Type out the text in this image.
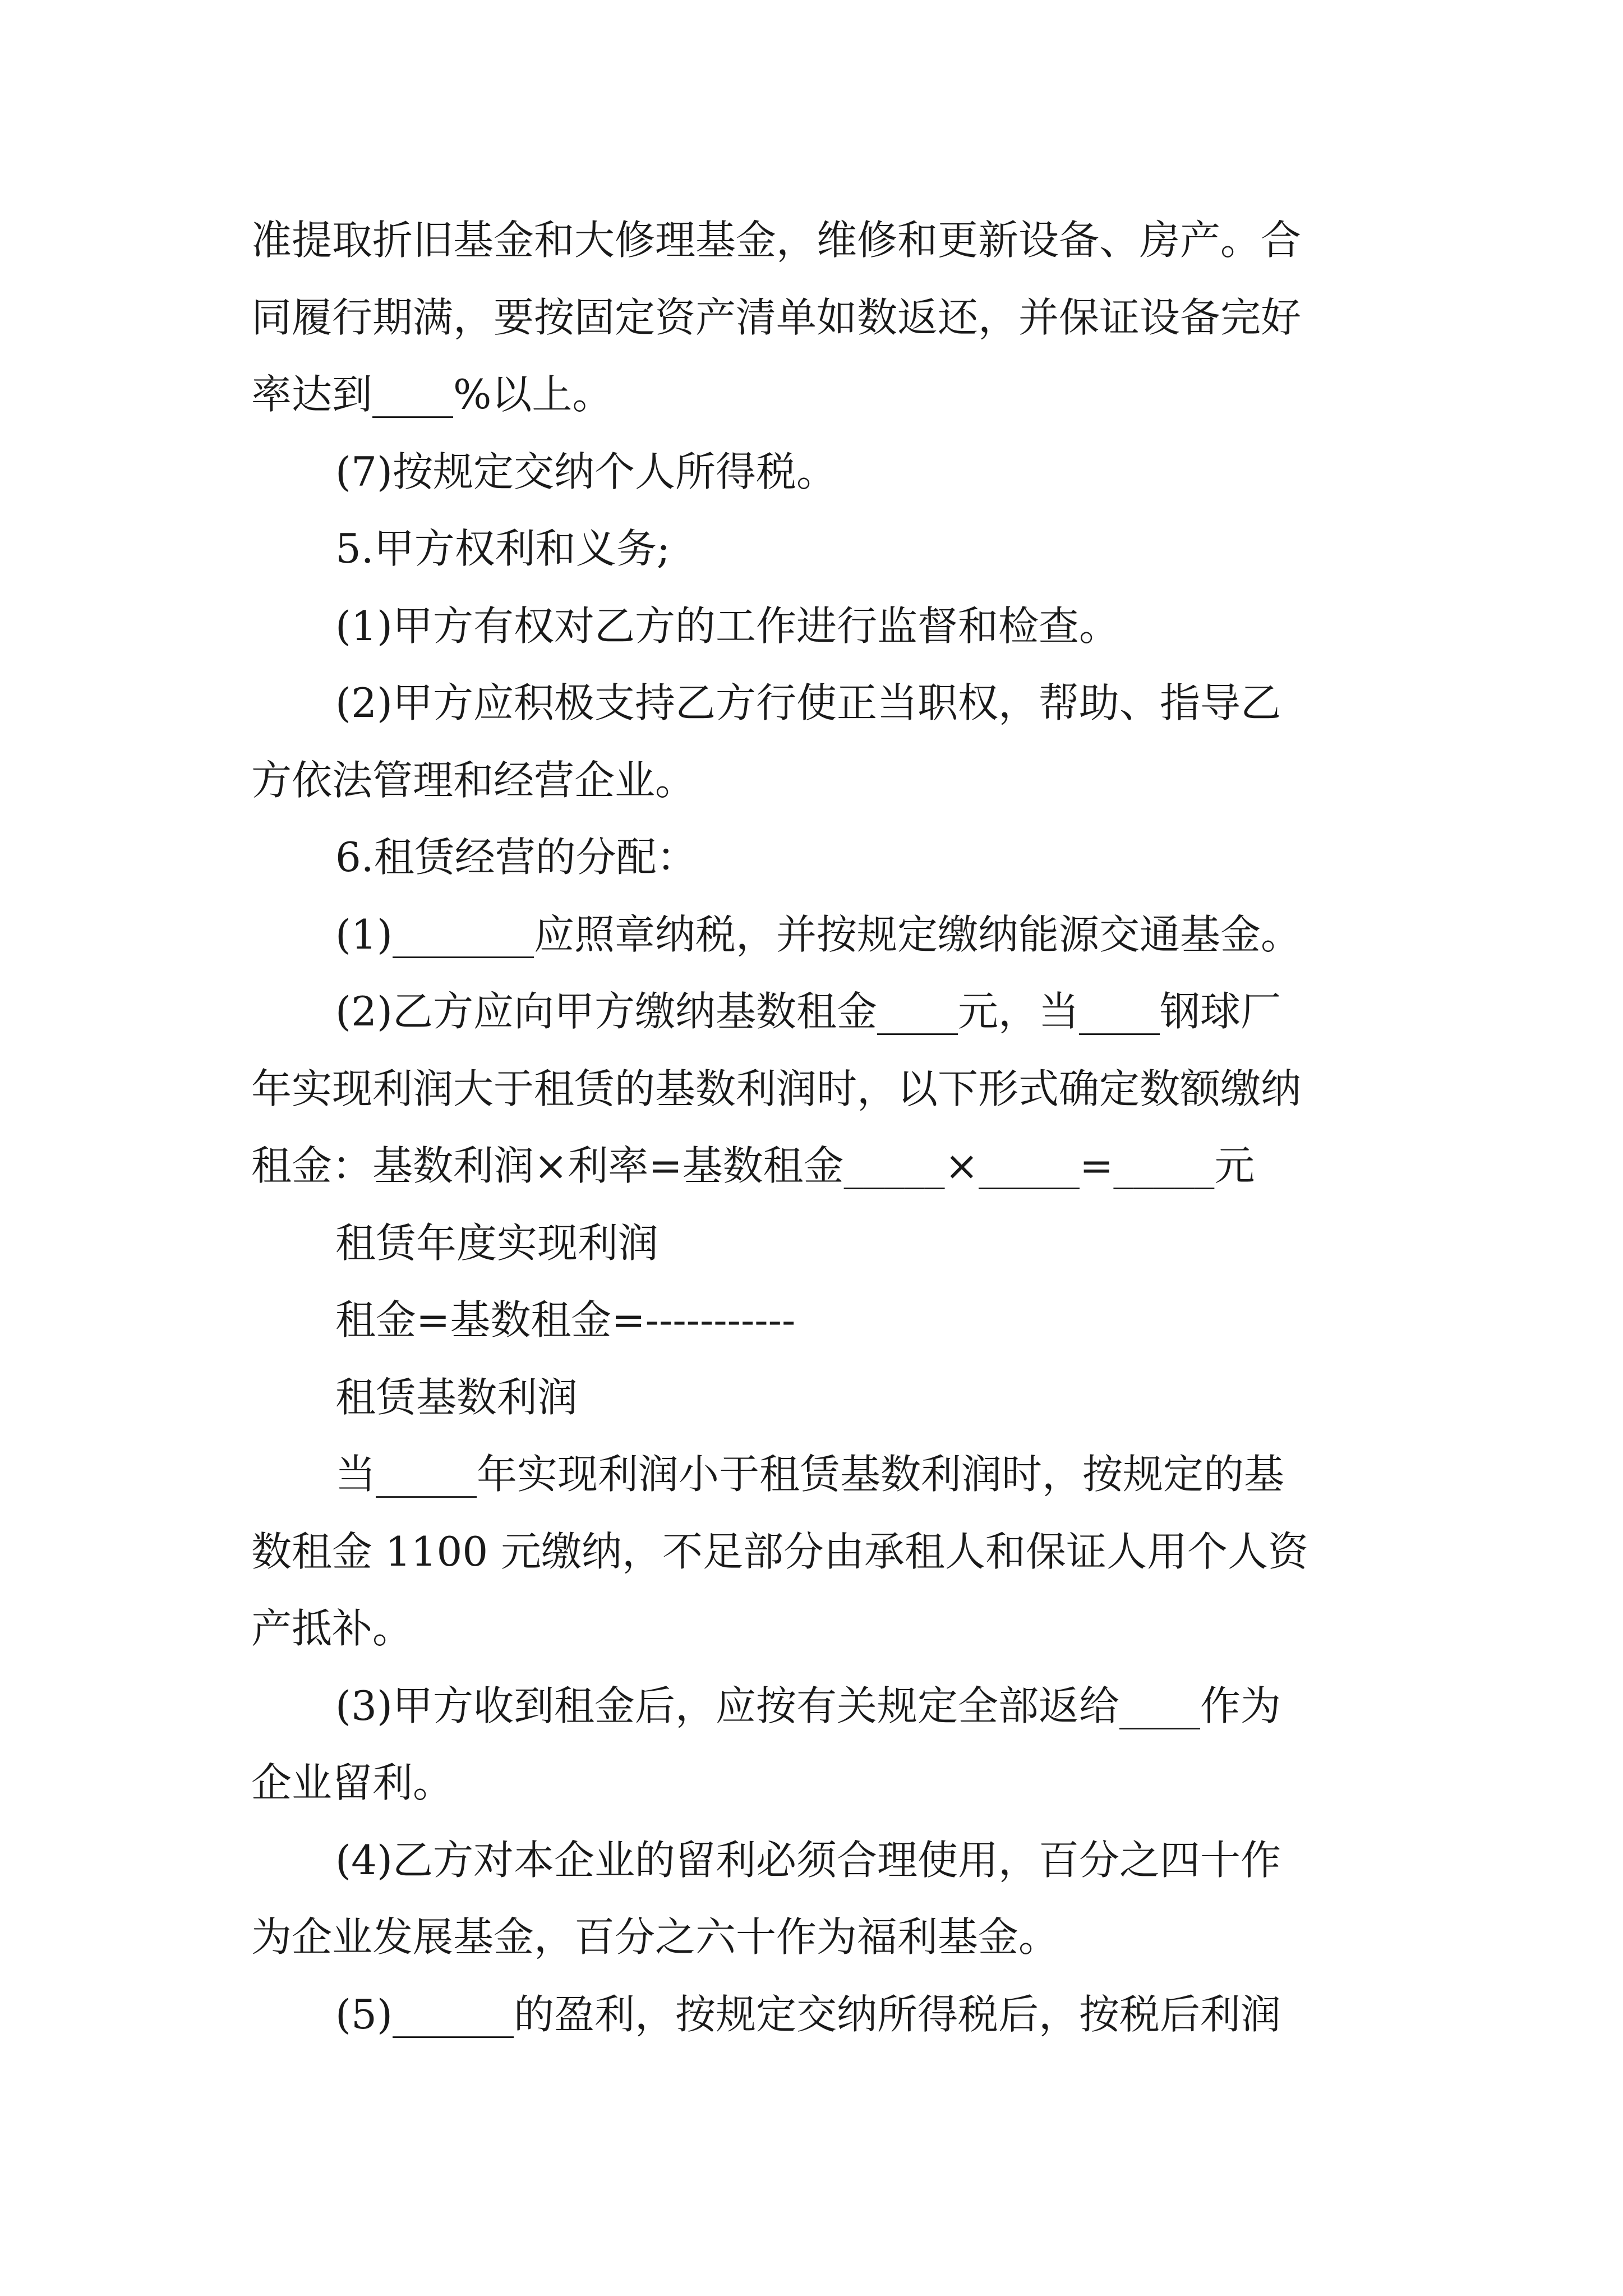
准提取折旧基金和大修理基金，维修和更新设备、房产。合
同履行期满，要按固定资产清单如数返还，并保证设备完好
率达到____%以上。
(7)按规定交纳个人所得税。
5.甲方权利和义务;
(1)甲方有权对乙方的工作进行监督和检查。
(2)甲方应积极支持乙方行使正当职权，帮助、指导乙
方依法管理和经营企业。
6.租赁经营的分配：
(1)_______应照章纳税，并按规定缴纳能源交通基金。
(2)乙方应向甲方缴纳基数租金____元，当____钢球厂
年实现利润大于租赁的基数利润时，以下形式确定数额缴纳
租金：基数利润×利率=基数租金_____×_____=_____元
租赁年度实现利润
租金=基数租金=-----------
租赁基数利润
当_____年实现利润小于租赁基数利润时，按规定的基
数租金 1100 元缴纳，不足部分由承租人和保证人用个人资
产抵补。
(3)甲方收到租金后，应按有关规定全部返给____作为
企业留利。
(4)乙方对本企业的留利必须合理使用，百分之四十作
为企业发展基金，百分之六十作为福利基金。
(5)______的盈利，按规定交纳所得税后，按税后利润
